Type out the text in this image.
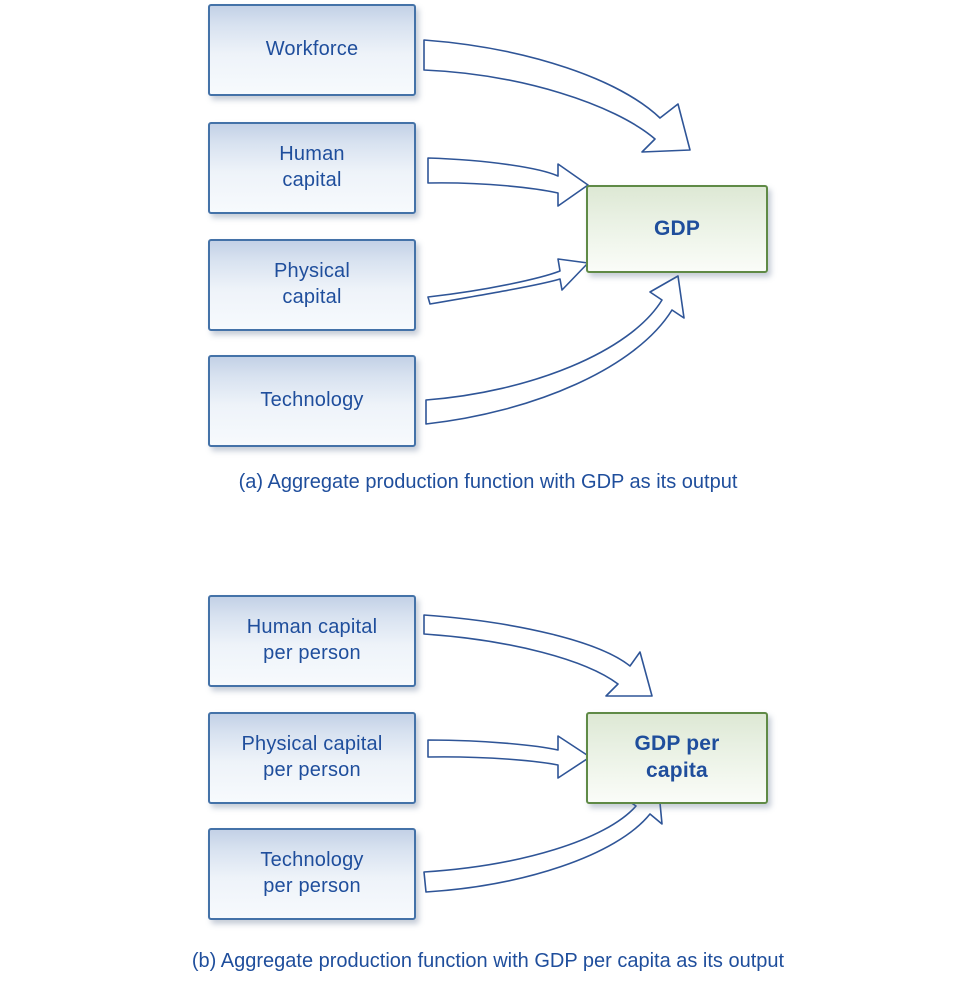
Workforce
Human
capital
Physical
capital
Technology
GDP
(a) Aggregate production function with GDP as its output
Human capital
per person
Physical capital
per person
Technology
per person
GDP per
capita
(b) Aggregate production function with GDP per capita as its output
